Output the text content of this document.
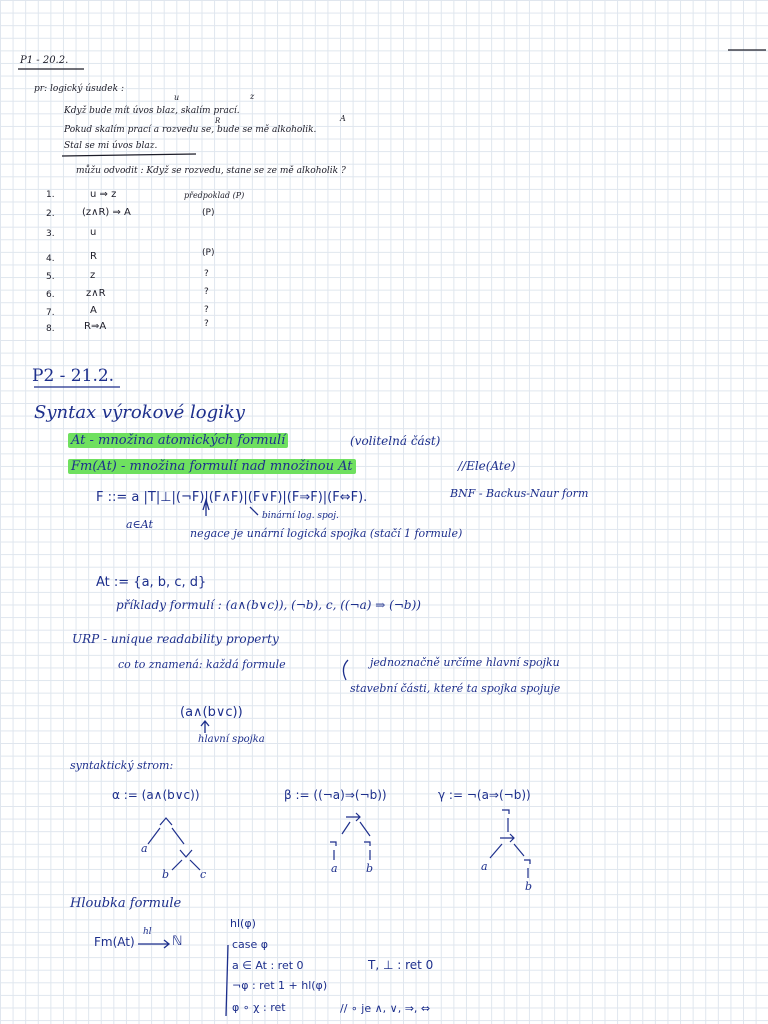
P1 - 20.2.
pr: logický úsudek :
u	z
A
R
Když bude mít úvos blaz, skalím prací.
Pokud skalím prací a rozvedu se, bude se mě alkoholik.
Stal se mi úvos blaz.
můžu odvodit : Když se rozvedu, stane se ze mě alkoholik ?
1.	u ⇒ z	předpoklad (P)
2.	(z∧R) ⇒ A	(P)
3.	u
4.	R	(P)
5.	z	?
6.	z∧R	?
7.	A	?
8.	R⇒A	?
P2 - 21.2.
Syntax výrokové logiky
At - množina atomických formulí	(volitelná část)
Fm(At) - množina formulí nad množinou At	//Ele(Ate)
F ::= a |T|⊥|(¬F)|(F∧F)|(F∨F)|(F⇒F)|(F⇔F).	BNF - Backus-Naur form
a∈At
binární log. spoj.
negace je unární logická spojka (stačí 1 formule)
At := {a, b, c, d}
příklady formulí : (a∧(b∨c)), (¬b), c, ((¬a) ⇒ (¬b))
URP - unique readability property
co to znamená: každá formule	jednoznačně určíme hlavní spojku
stavební části, které ta spojka spojuje
(a∧(b∨c))
hlavní spojka
syntaktický strom:
α := (a∧(b∨c))	β := ((¬a)⇒(¬b))	γ := ¬(a⇒(¬b))
Hloubka formule
Fm(At)
hl
ℕ
hl(φ)
case φ
a ∈ At : ret 0	T, ⊥ : ret 0
¬φ : ret 1 + hl(φ)
φ ∘ χ : ret	// ∘ je ∧, ∨, ⇒, ⇔
a
b	c	a	b	a
b
